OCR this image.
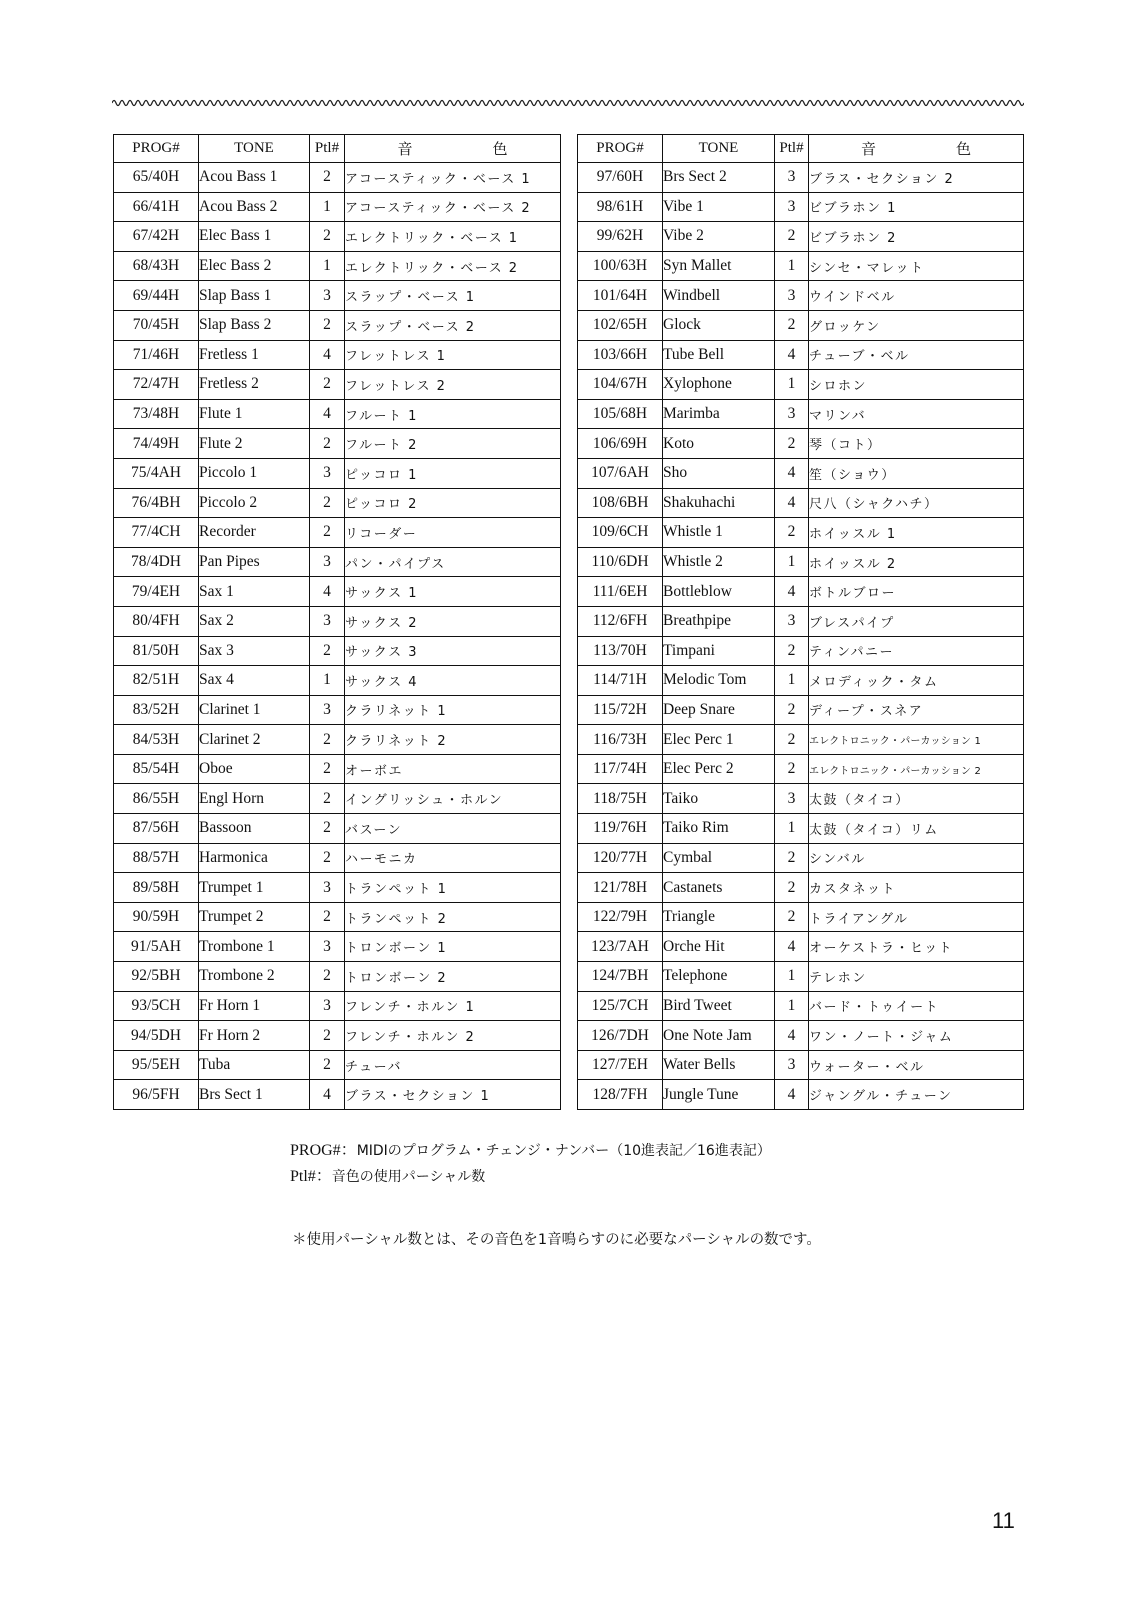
PROG#	TONE	Ptl#	音 色
65/40H	Acou Bass 1	2	アコースティック・ベース 1
66/41H	Acou Bass 2	1	アコースティック・ベース 2
67/42H	Elec Bass 1	2	エレクトリック・ベース 1
68/43H	Elec Bass 2	1	エレクトリック・ベース 2
69/44H	Slap Bass 1	3	スラップ・ベース 1
70/45H	Slap Bass 2	2	スラップ・ベース 2
71/46H	Fretless 1	4	フレットレス 1
72/47H	Fretless 2	2	フレットレス 2
73/48H	Flute 1	4	フルート 1
74/49H	Flute 2	2	フルート 2
75/4AH	Piccolo 1	3	ピッコロ 1
76/4BH	Piccolo 2	2	ピッコロ 2
77/4CH	Recorder	2	リコーダー
78/4DH	Pan Pipes	3	パン・パイプス
79/4EH	Sax 1	4	サックス 1
80/4FH	Sax 2	3	サックス 2
81/50H	Sax 3	2	サックス 3
82/51H	Sax 4	1	サックス 4
83/52H	Clarinet 1	3	クラリネット 1
84/53H	Clarinet 2	2	クラリネット 2
85/54H	Oboe	2	オーボエ
86/55H	Engl Horn	2	イングリッシュ・ホルン
87/56H	Bassoon	2	バスーン
88/57H	Harmonica	2	ハーモニカ
89/58H	Trumpet 1	3	トランペット 1
90/59H	Trumpet 2	2	トランペット 2
91/5AH	Trombone 1	3	トロンボーン 1
92/5BH	Trombone 2	2	トロンボーン 2
93/5CH	Fr Horn 1	3	フレンチ・ホルン 1
94/5DH	Fr Horn 2	2	フレンチ・ホルン 2
95/5EH	Tuba	2	チューバ
96/5FH	Brs Sect 1	4	ブラス・セクション 1
PROG#	TONE	Ptl#	音 色
97/60H	Brs Sect 2	3	ブラス・セクション 2
98/61H	Vibe 1	3	ビブラホン 1
99/62H	Vibe 2	2	ビブラホン 2
100/63H	Syn Mallet	1	シンセ・マレット
101/64H	Windbell	3	ウインドベル
102/65H	Glock	2	グロッケン
103/66H	Tube Bell	4	チューブ・ベル
104/67H	Xylophone	1	シロホン
105/68H	Marimba	3	マリンバ
106/69H	Koto	2	琴（コト）
107/6AH	Sho	4	笙（ショウ）
108/6BH	Shakuhachi	4	尺八（シャクハチ）
109/6CH	Whistle 1	2	ホイッスル 1
110/6DH	Whistle 2	1	ホイッスル 2
111/6EH	Bottleblow	4	ボトルブロー
112/6FH	Breathpipe	3	ブレスパイプ
113/70H	Timpani	2	ティンパニー
114/71H	Melodic Tom	1	メロディック・タム
115/72H	Deep Snare	2	ディープ・スネア
116/73H	Elec Perc 1	2	エレクトロニック・パーカッション 1
117/74H	Elec Perc 2	2	エレクトロニック・パーカッション 2
118/75H	Taiko	3	太鼓（タイコ）
119/76H	Taiko Rim	1	太鼓（タイコ）リム
120/77H	Cymbal	2	シンバル
121/78H	Castanets	2	カスタネット
122/79H	Triangle	2	トライアングル
123/7AH	Orche Hit	4	オーケストラ・ヒット
124/7BH	Telephone	1	テレホン
125/7CH	Bird Tweet	1	バード・トゥイート
126/7DH	One Note Jam	4	ワン・ノート・ジャム
127/7EH	Water Bells	3	ウォーター・ベル
128/7FH	Jungle Tune	4	ジャングル・チューン
PROG#：MIDIのプログラム・チェンジ・ナンバー（10進表記／16進表記）
Ptl#：音色の使用パーシャル数
＊使用パーシャル数とは、その音色を1音鳴らすのに必要なパーシャルの数です。
11
